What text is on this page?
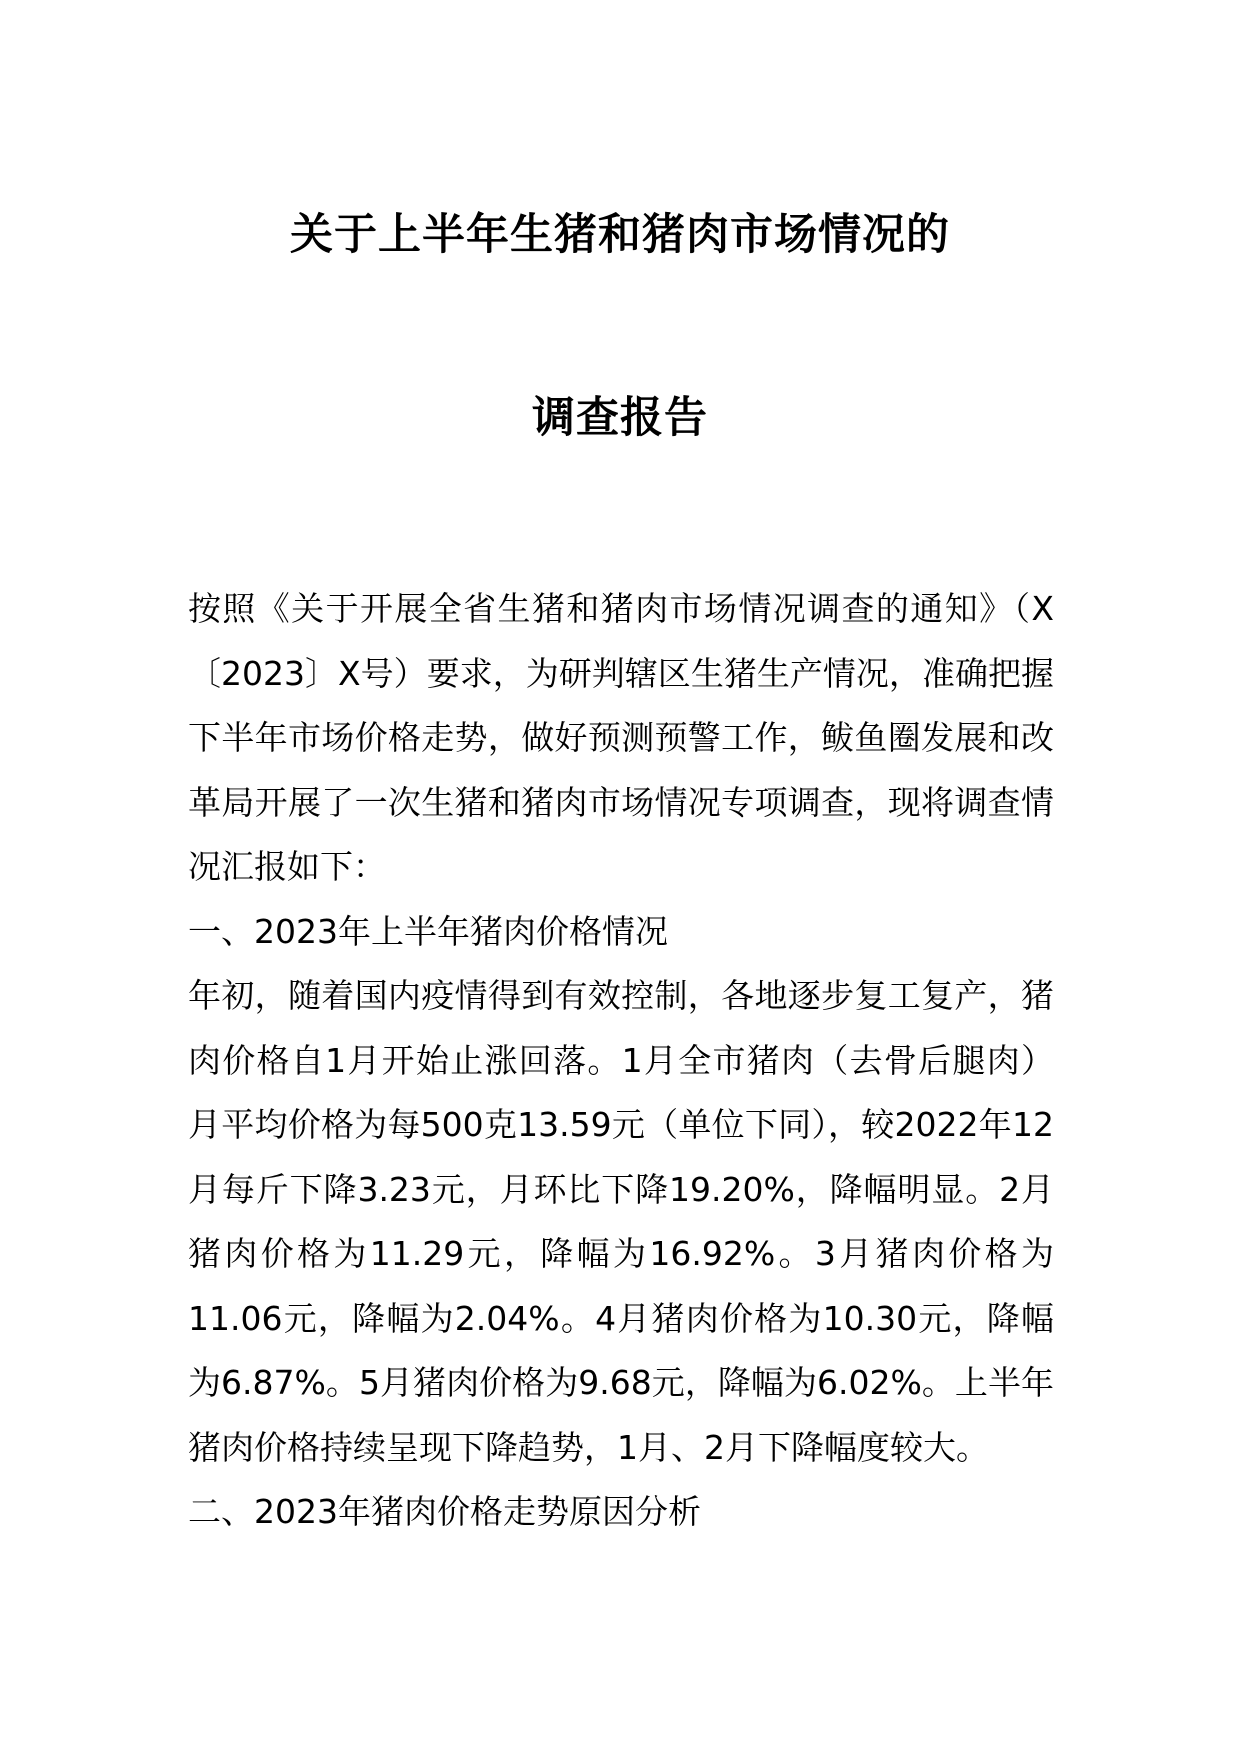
关于上半年生猪和猪肉市场情况的
调查报告

按照《关于开展全省生猪和猪肉市场情况调查的通知》（X〔2023〕X号）要求，为研判辖区生猪生产情况，准确把握下半年市场价格走势，做好预测预警工作，鲅鱼圈发展和改革局开展了一次生猪和猪肉市场情况专项调查，现将调查情况汇报如下：

一、2023年上半年猪肉价格情况

年初，随着国内疫情得到有效控制，各地逐步复工复产，猪肉价格自1月开始止涨回落。1月全市猪肉（去骨后腿肉）月平均价格为每500克13.59元（单位下同），较2022年12月每斤下降3.23元，月环比下降19.20%，降幅明显。2月猪肉价格为11.29元，降幅为16.92%。3月猪肉价格为11.06元，降幅为2.04%。4月猪肉价格为10.30元，降幅为6.87%。5月猪肉价格为9.68元，降幅为6.02%。上半年猪肉价格持续呈现下降趋势，1月、2月下降幅度较大。

二、2023年猪肉价格走势原因分析
